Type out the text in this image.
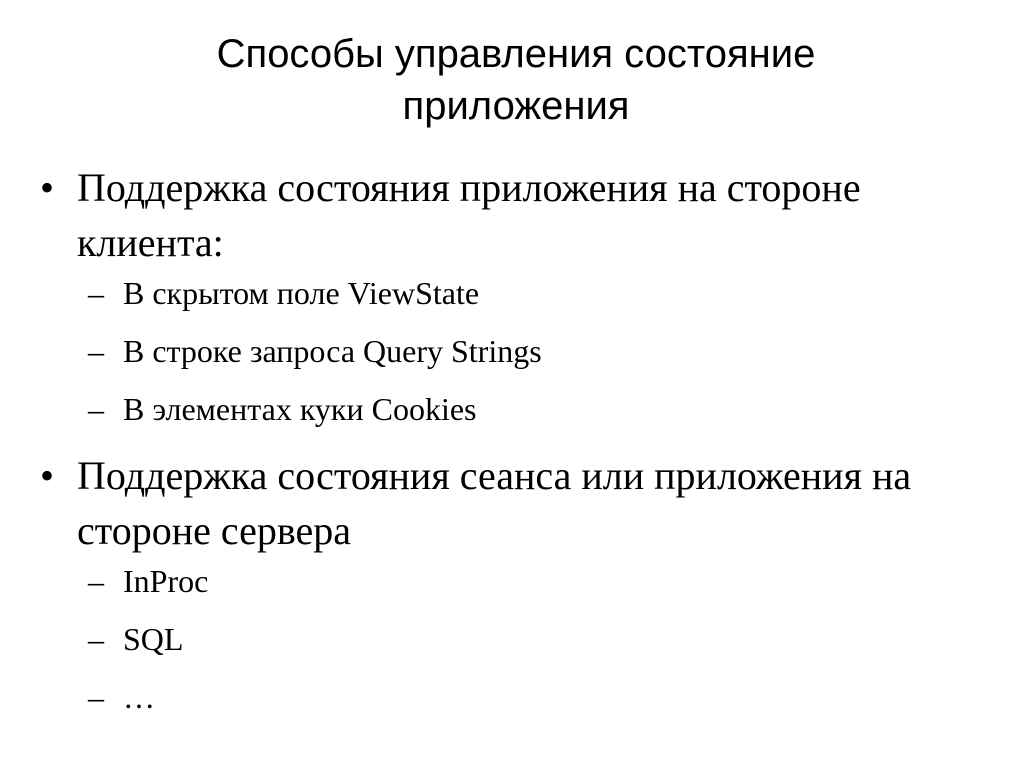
Способы управления состояние приложения
• Поддержка состояния приложения на стороне клиента:
– В скрытом поле ViewState
– В строке запроса Query Strings
– В элементах куки Cookies
• Поддержка состояния сеанса или приложения на стороне сервера
– InProc
– SQL
– …
